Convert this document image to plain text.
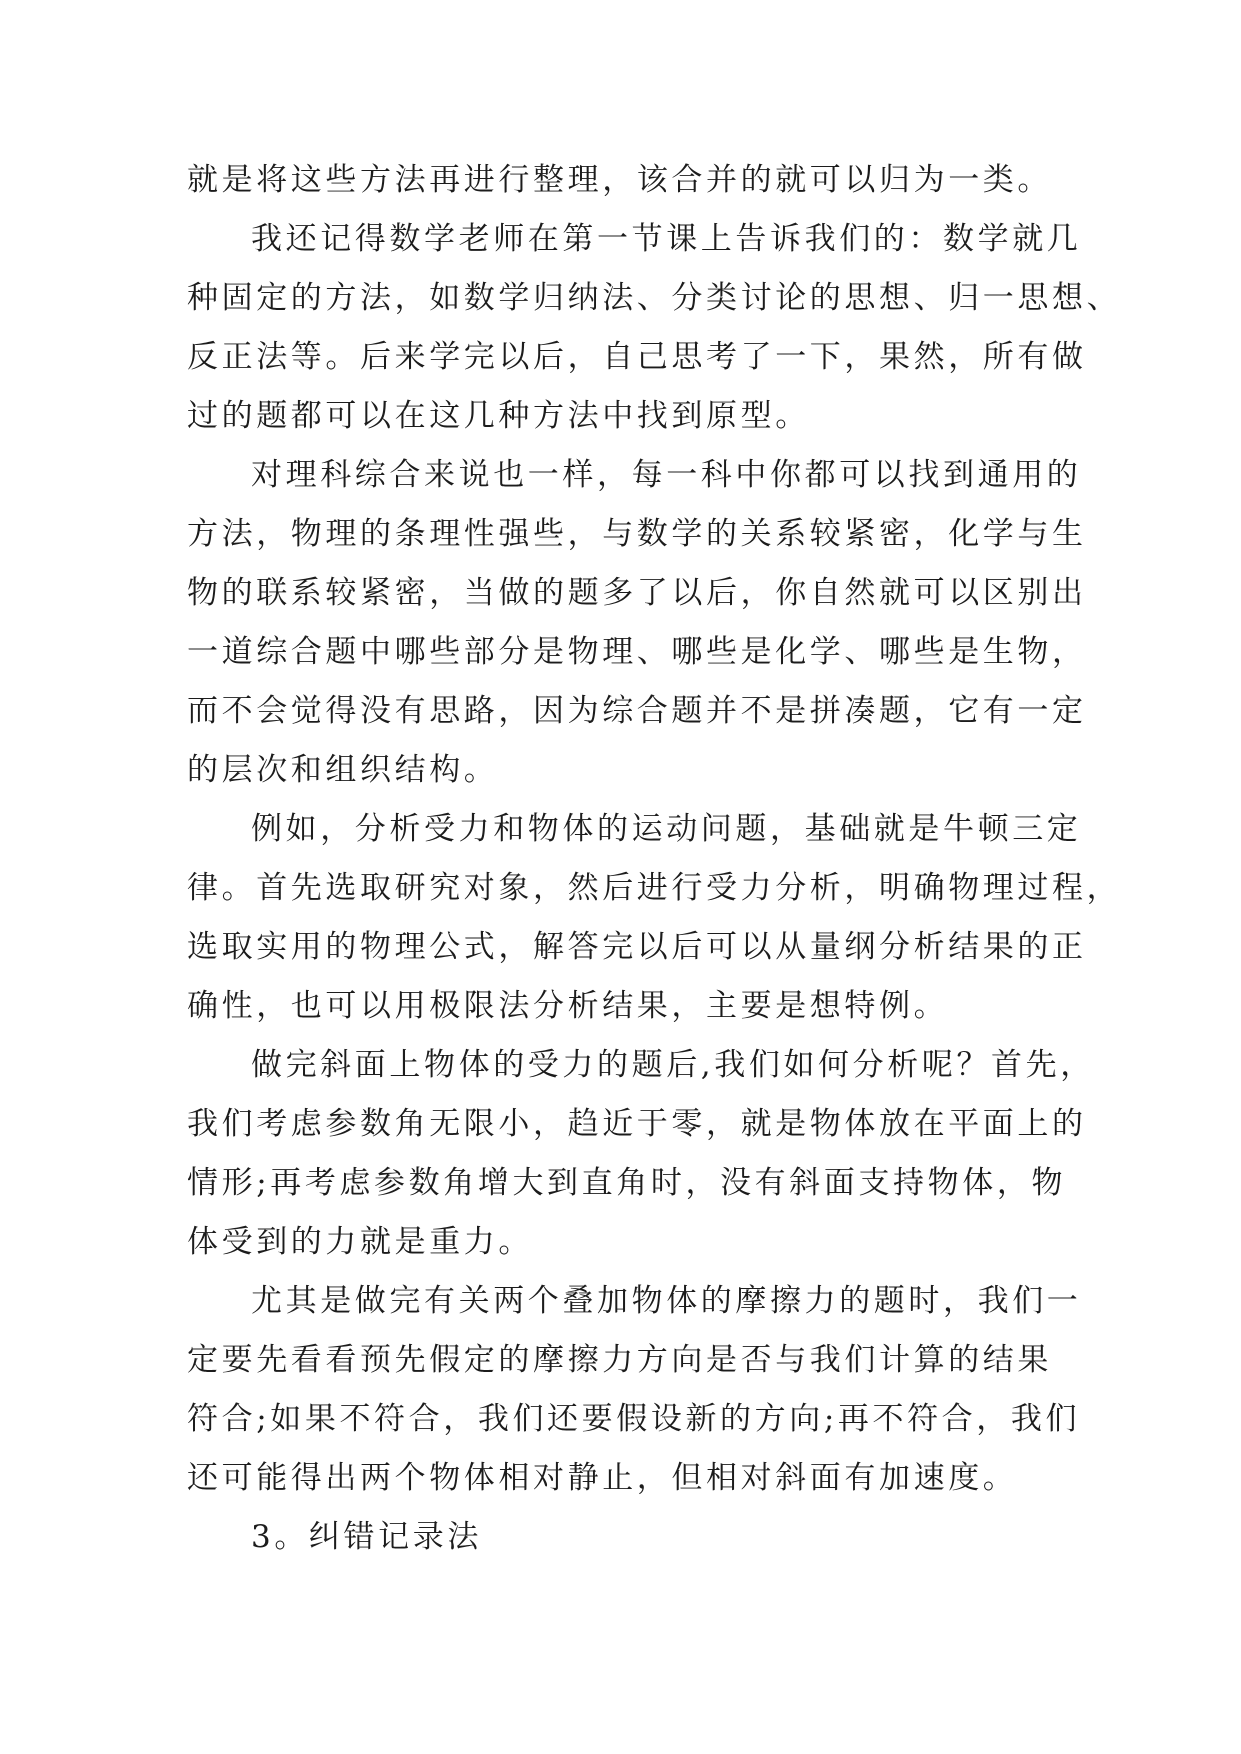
就是将这些方法再进行整理，该合并的就可以归为一类。
我还记得数学老师在第一节课上告诉我们的：数学就几
种固定的方法，如数学归纳法、分类讨论的思想、归一思想、
反正法等。后来学完以后，自己思考了一下，果然，所有做
过的题都可以在这几种方法中找到原型。
对理科综合来说也一样，每一科中你都可以找到通用的
方法，物理的条理性强些，与数学的关系较紧密，化学与生
物的联系较紧密，当做的题多了以后，你自然就可以区别出
一道综合题中哪些部分是物理、哪些是化学、哪些是生物，
而不会觉得没有思路，因为综合题并不是拼凑题，它有一定
的层次和组织结构。
例如，分析受力和物体的运动问题，基础就是牛顿三定
律。首先选取研究对象，然后进行受力分析，明确物理过程，
选取实用的物理公式，解答完以后可以从量纲分析结果的正
确性，也可以用极限法分析结果，主要是想特例。
做完斜面上物体的受力的题后,我们如何分析呢？首先，
我们考虑参数角无限小，趋近于零，就是物体放在平面上的
情形;再考虑参数角增大到直角时，没有斜面支持物体，物
体受到的力就是重力。
尤其是做完有关两个叠加物体的摩擦力的题时，我们一
定要先看看预先假定的摩擦力方向是否与我们计算的结果
符合;如果不符合，我们还要假设新的方向;再不符合，我们
还可能得出两个物体相对静止，但相对斜面有加速度。
3。纠错记录法
